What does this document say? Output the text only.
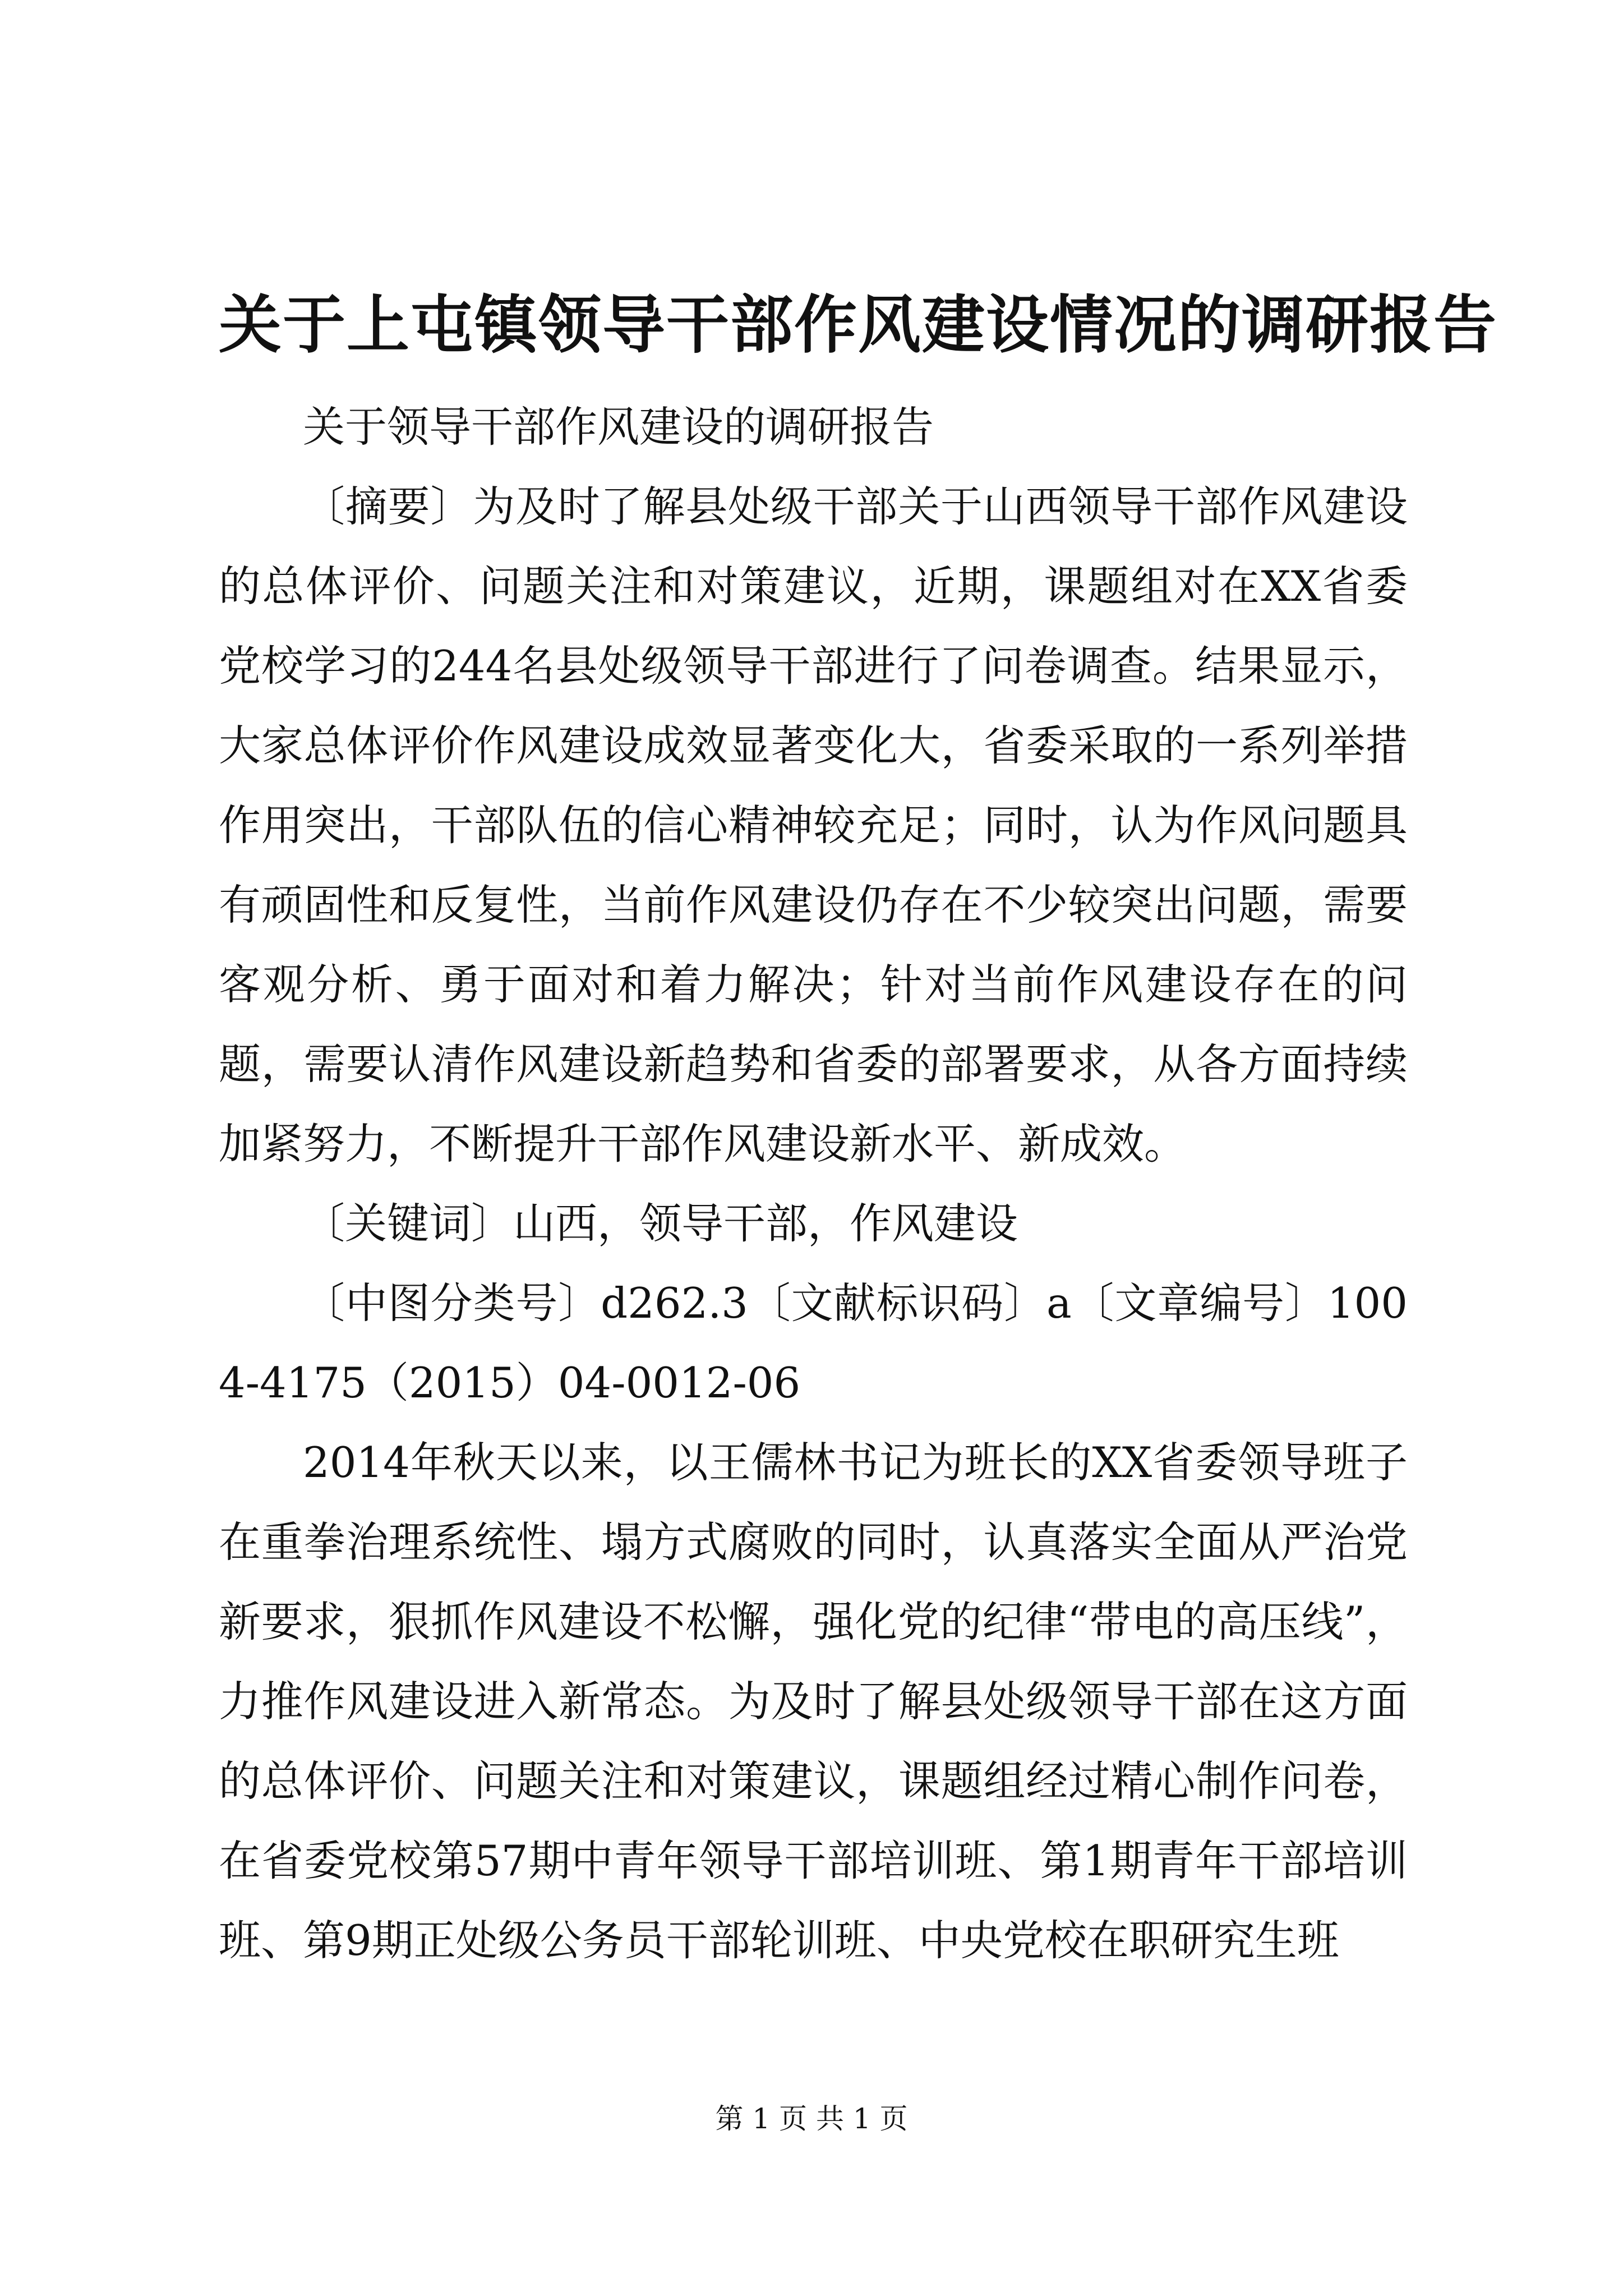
关于上屯镇领导干部作风建设情况的调研报告

关于领导干部作风建设的调研报告

〔摘要〕为及时了解县处级干部关于山西领导干部作风建设的总体评价、问题关注和对策建议，近期，课题组对在XX省委党校学习的244名县处级领导干部进行了问卷调查。结果显示，大家总体评价作风建设成效显著变化大，省委采取的一系列举措作用突出，干部队伍的信心精神较充足；同时，认为作风问题具有顽固性和反复性，当前作风建设仍存在不少较突出问题，需要客观分析、勇于面对和着力解决；针对当前作风建设存在的问题，需要认清作风建设新趋势和省委的部署要求，从各方面持续加紧努力，不断提升干部作风建设新水平、新成效。

〔关键词〕山西，领导干部，作风建设

〔中图分类号〕d262.3〔文献标识码〕a〔文章编号〕1004-4175（2015）04-0012-06

2014年秋天以来，以王儒林书记为班长的XX省委领导班子在重拳治理系统性、塌方式腐败的同时，认真落实全面从严治党新要求，狠抓作风建设不松懈，强化党的纪律“带电的高压线”，力推作风建设进入新常态。为及时了解县处级领导干部在这方面的总体评价、问题关注和对策建议，课题组经过精心制作问卷，在省委党校第57期中青年领导干部培训班、第1期青年干部培训班、第9期正处级公务员干部轮训班、中央党校在职研究生班

第 1 页 共 1 页
